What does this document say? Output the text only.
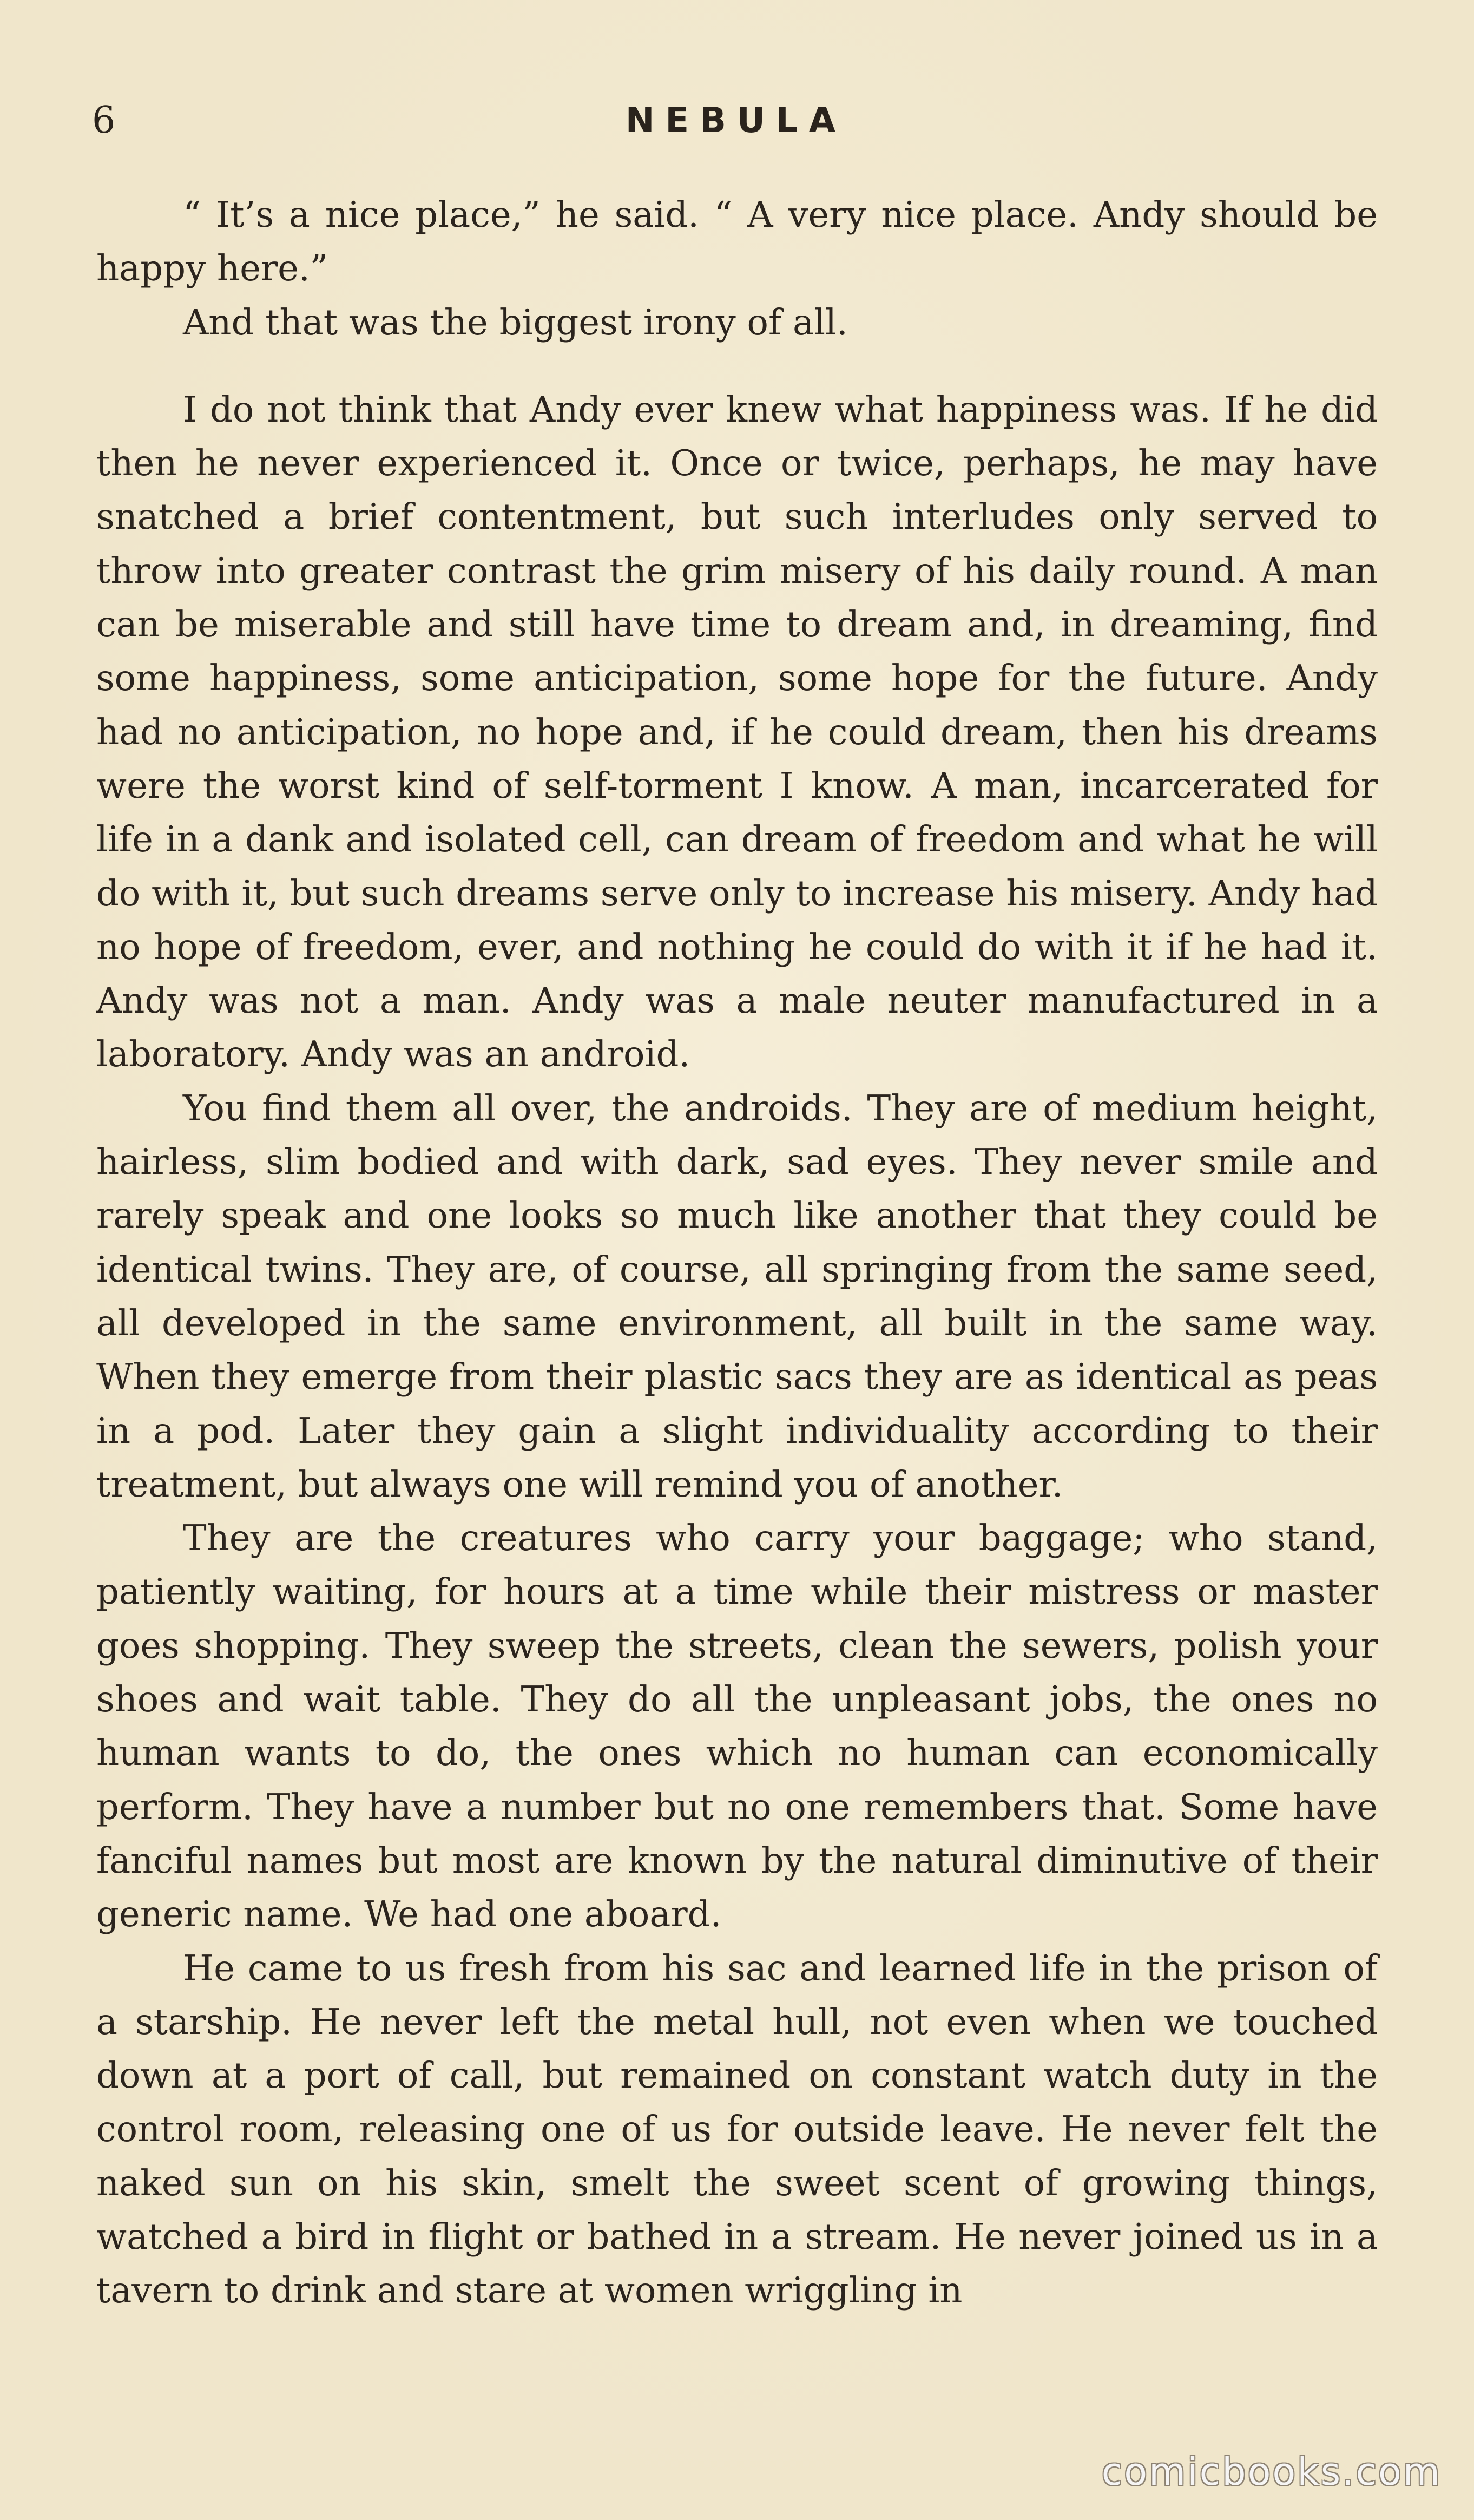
6	NEBULA

“ It’s a nice place,” he said. “ A very nice place. Andy should be happy here.”

And that was the biggest irony of all.

I do not think that Andy ever knew what happiness was. If he did then he never experienced it. Once or twice, perhaps, he may have snatched a brief contentment, but such interludes only served to throw into greater contrast the grim misery of his daily round. A man can be miserable and still have time to dream and, in dreaming, find some happiness, some anticipation, some hope for the future. Andy had no anticipation, no hope and, if he could dream, then his dreams were the worst kind of self-torment I know. A man, incarcerated for life in a dank and isolated cell, can dream of freedom and what he will do with it, but such dreams serve only to increase his misery. Andy had no hope of freedom, ever, and nothing he could do with it if he had it. Andy was not a man. Andy was a male neuter manufactured in a laboratory. Andy was an android.

You find them all over, the androids. They are of medium height, hairless, slim bodied and with dark, sad eyes. They never smile and rarely speak and one looks so much like another that they could be identical twins. They are, of course, all springing from the same seed, all developed in the same environment, all built in the same way. When they emerge from their plastic sacs they are as identical as peas in a pod. Later they gain a slight individuality according to their treatment, but always one will remind you of another.

They are the creatures who carry your baggage; who stand, patiently waiting, for hours at a time while their mistress or master goes shopping. They sweep the streets, clean the sewers, polish your shoes and wait table. They do all the unpleasant jobs, the ones no human wants to do, the ones which no human can economically perform. They have a number but no one remembers that. Some have fanciful names but most are known by the natural diminutive of their generic name. We had one aboard.

He came to us fresh from his sac and learned life in the prison of a starship. He never left the metal hull, not even when we touched down at a port of call, but remained on constant watch duty in the control room, releasing one of us for outside leave. He never felt the naked sun on his skin, smelt the sweet scent of growing things, watched a bird in flight or bathed in a stream. He never joined us in a tavern to drink and stare at women wriggling in

comicbooks.com
